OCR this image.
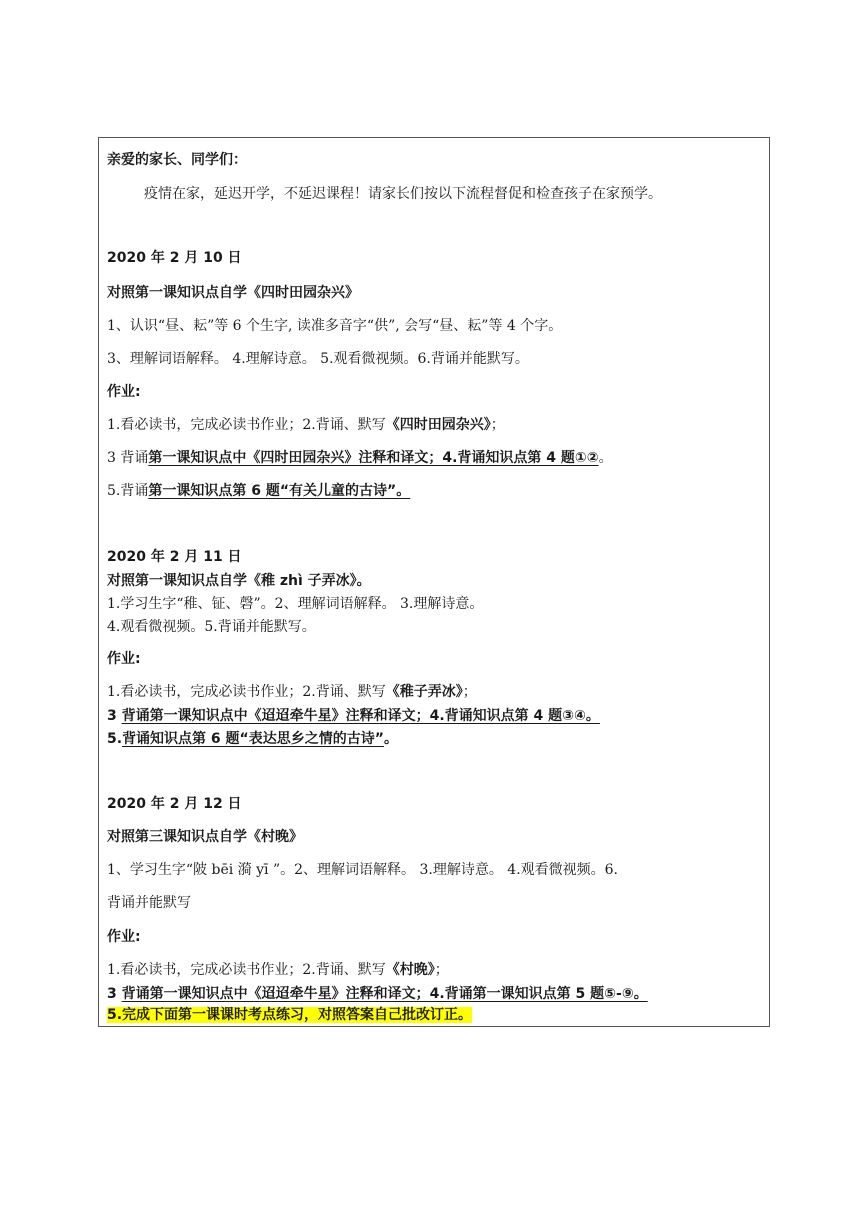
亲爱的家长、同学们：
疫情在家，延迟开学，不延迟课程！请家长们按以下流程督促和检查孩子在家预学。
2020 年 2 月 10 日
对照第一课知识点自学《四时田园杂兴》
1、认识“昼、耘”等 6 个生字, 读准多音字“供”, 会写“昼、耘”等 4 个字。
3、理解词语解释。 4.理解诗意。 5.观看微视频。6.背诵并能默写。
作业:
1.看必读书，完成必读书作业；2.背诵、默写《四时田园杂兴》；
3 背诵第一课知识点中《四时田园杂兴》注释和译文；4.背诵知识点第 4 题①②。
5.背诵第一课知识点第 6 题“有关儿童的古诗”。
2020 年 2 月 11 日
对照第一课知识点自学《稚 zhì 子弄冰》。
1.学习生字“稚、钲、磬”。2、理解词语解释。 3.理解诗意。
4.观看微视频。5.背诵并能默写。
作业:
1.看必读书，完成必读书作业；2.背诵、默写《稚子弄冰》；
3 背诵第一课知识点中《迢迢牵牛星》注释和译文；4.背诵知识点第 4 题③④。
5.背诵知识点第 6 题“表达思乡之情的古诗”。
2020 年 2 月 12 日
对照第三课知识点自学《村晚》
1、学习生字“陂 bēi 漪 yī ”。2、理解词语解释。 3.理解诗意。 4.观看微视频。6.
背诵并能默写
作业:
1.看必读书，完成必读书作业；2.背诵、默写《村晚》；
3 背诵第一课知识点中《迢迢牵牛星》注释和译文；4.背诵第一课知识点第 5 题⑤-⑨。
5.完成下面第一课课时考点练习，对照答案自己批改订正。
